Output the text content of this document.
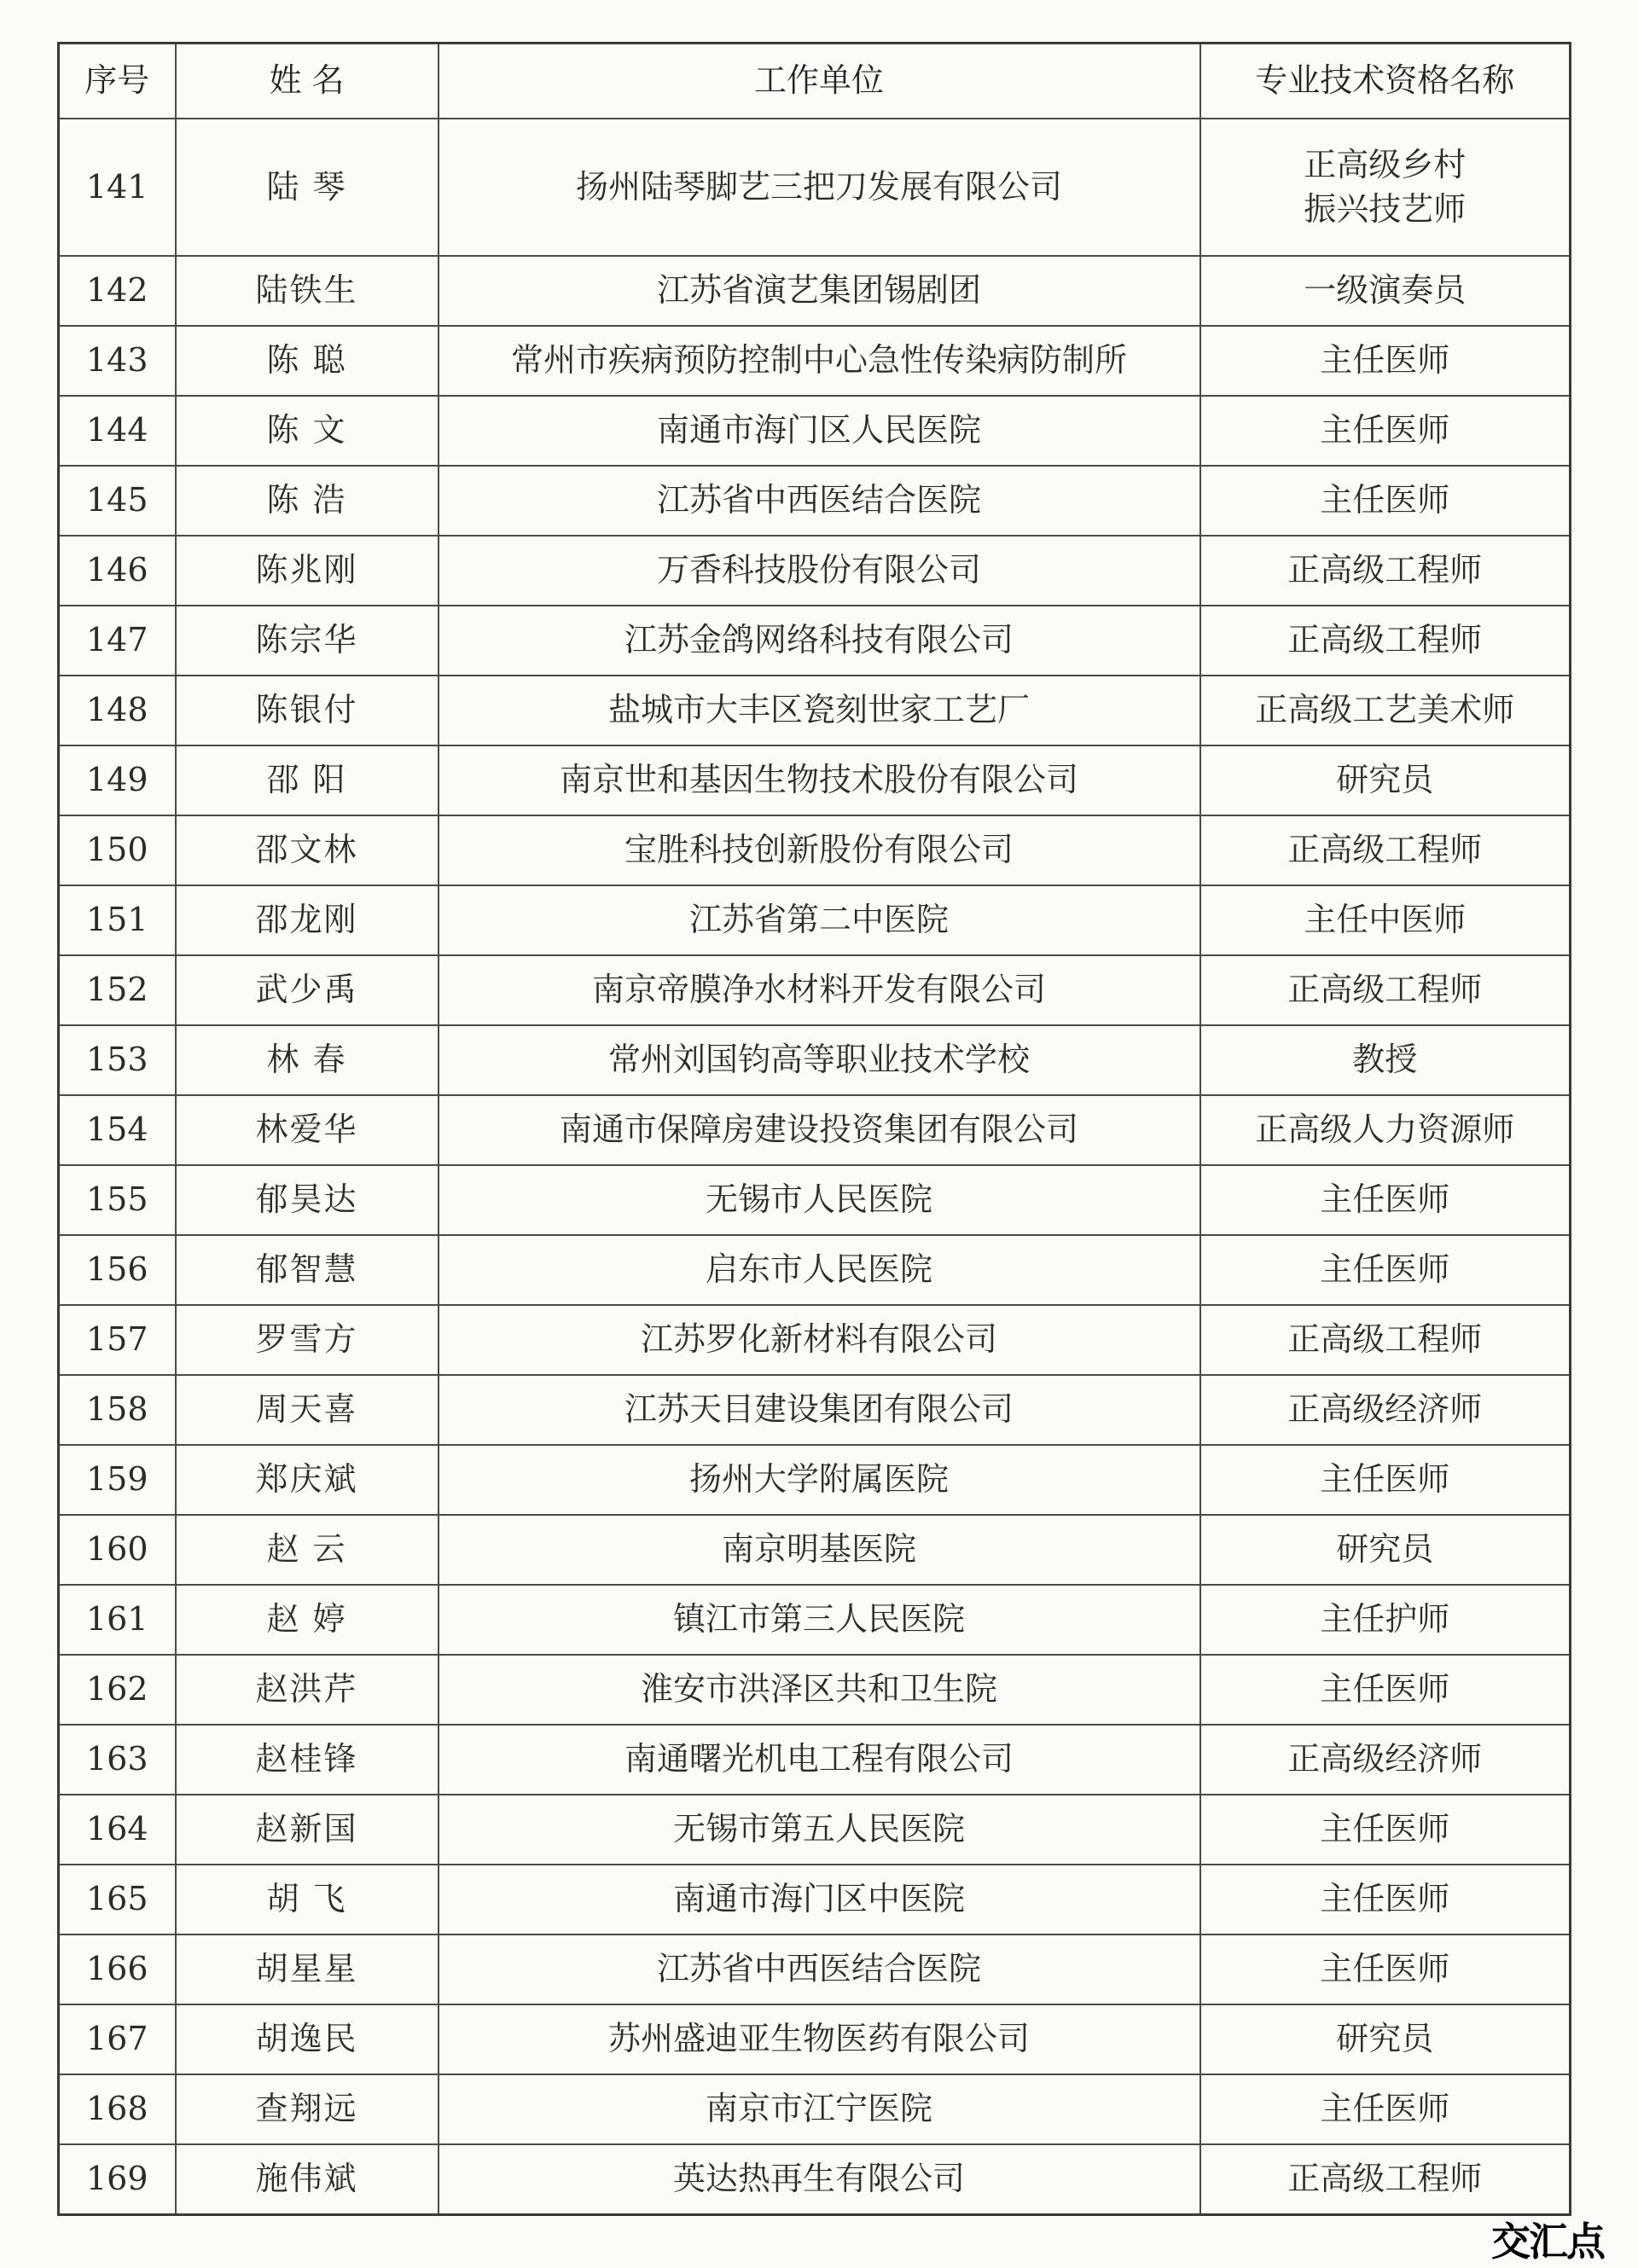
序号	姓 名	工作单位	专业技术资格名称
141	陆 琴	扬州陆琴脚艺三把刀发展有限公司	正高级乡村
振兴技艺师

142	陆铁生	江苏省演艺集团锡剧团	一级演奏员
143	陈 聪	常州市疾病预防控制中心急性传染病防制所	主任医师
144	陈 文	南通市海门区人民医院	主任医师
145	陈 浩	江苏省中西医结合医院	主任医师
146	陈兆刚	万香科技股份有限公司	正高级工程师
147	陈宗华	江苏金鸽网络科技有限公司	正高级工程师
148	陈银付	盐城市大丰区瓷刻世家工艺厂	正高级工艺美术师
149	邵 阳	南京世和基因生物技术股份有限公司	研究员
150	邵文林	宝胜科技创新股份有限公司	正高级工程师
151	邵龙刚	江苏省第二中医院	主任中医师
152	武少禹	南京帝膜净水材料开发有限公司	正高级工程师
153	林 春	常州刘国钧高等职业技术学校	教授
154	林爱华	南通市保障房建设投资集团有限公司	正高级人力资源师
155	郁昊达	无锡市人民医院	主任医师
156	郁智慧	启东市人民医院	主任医师
157	罗雪方	江苏罗化新材料有限公司	正高级工程师
158	周天喜	江苏天目建设集团有限公司	正高级经济师
159	郑庆斌	扬州大学附属医院	主任医师
160	赵 云	南京明基医院	研究员
161	赵 婷	镇江市第三人民医院	主任护师
162	赵洪芹	淮安市洪泽区共和卫生院	主任医师
163	赵桂锋	南通曙光机电工程有限公司	正高级经济师
164	赵新国	无锡市第五人民医院	主任医师
165	胡 飞	南通市海门区中医院	主任医师
166	胡星星	江苏省中西医结合医院	主任医师
167	胡逸民	苏州盛迪亚生物医药有限公司	研究员
168	查翔远	南京市江宁医院	主任医师
169	施伟斌	英达热再生有限公司	正高级工程师
交汇点
